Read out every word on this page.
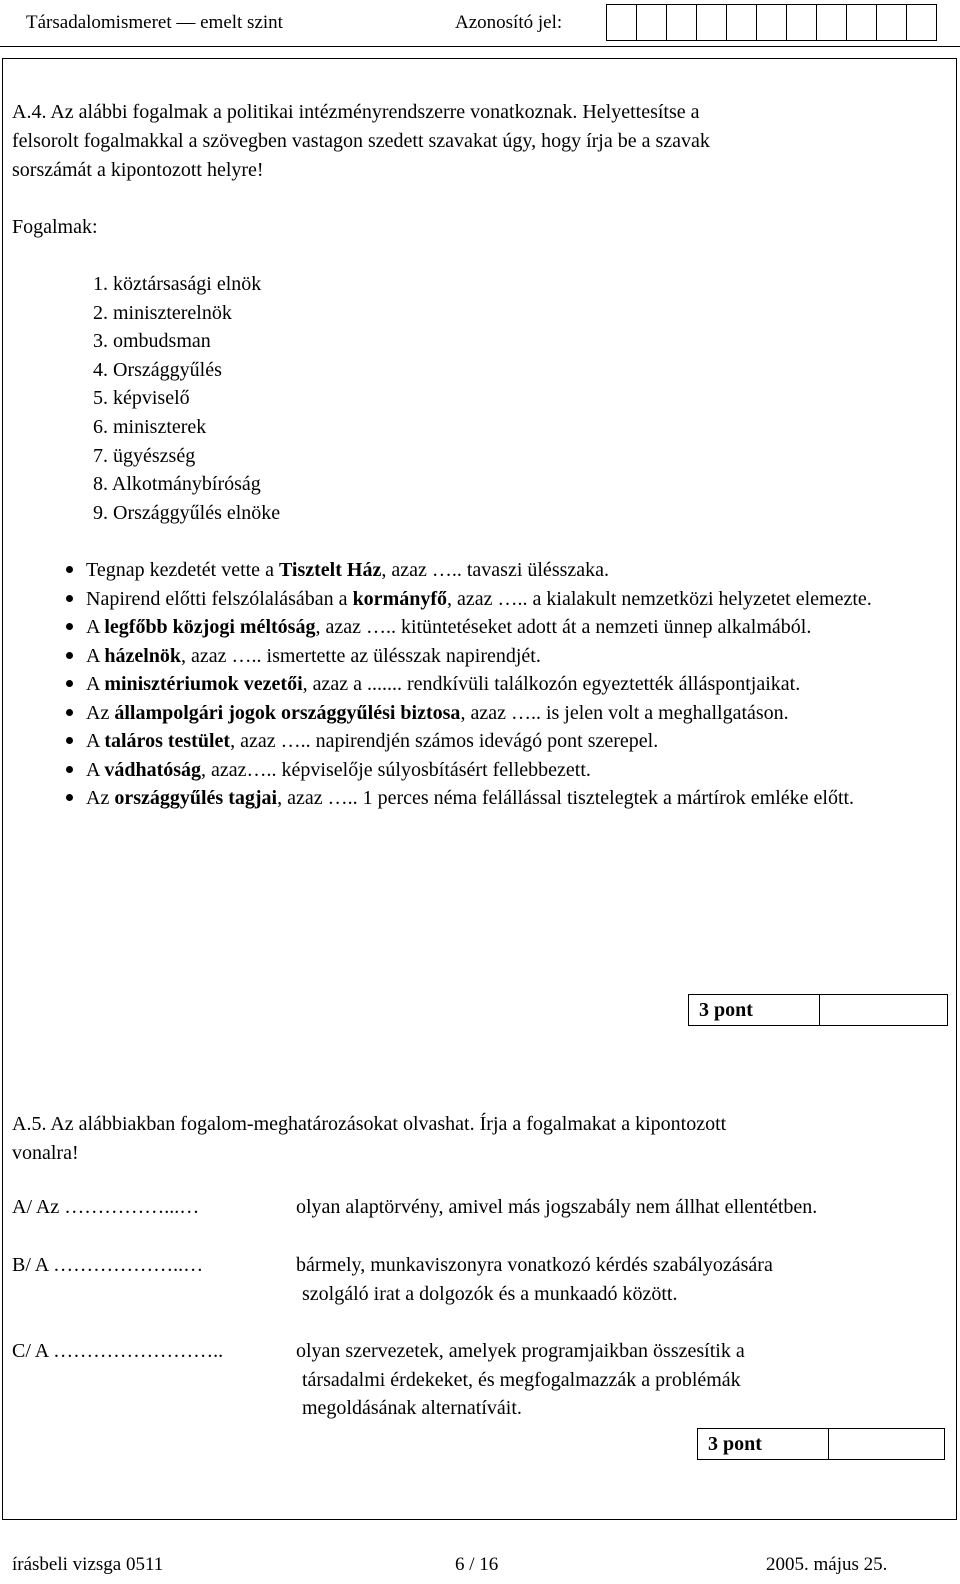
Társadalomismeret — emelt szint	Azonosító jel:
A.4. Az alábbi fogalmak a politikai intézményrendszerre vonatkoznak. Helyettesítse a
felsorolt fogalmakkal a szövegben vastagon szedett szavakat úgy, hogy írja be a szavak
sorszámát a kipontozott helyre!
Fogalmak:
1. köztársasági elnök
2. miniszterelnök
3. ombudsman
4. Országgyűlés
5. képviselő
6. miniszterek
7. ügyészség
8. Alkotmánybíróság
9. Országgyűlés elnöke
Tegnap kezdetét vette a Tisztelt Ház, azaz ….. tavaszi ülésszaka.
Napirend előtti felszólalásában a kormányfő, azaz ….. a kialakult nemzetközi helyzetet elemezte.
A legfőbb közjogi méltóság, azaz ….. kitüntetéseket adott át a nemzeti ünnep alkalmából.
A házelnök, azaz ….. ismertette az ülésszak napirendjét.
A minisztériumok vezetői, azaz a ....... rendkívüli találkozón egyeztették álláspontjaikat.
Az állampolgári jogok országgyűlési biztosa, azaz ….. is jelen volt a meghallgatáson.
A taláros testület, azaz ….. napirendjén számos idevágó pont szerepel.
A vádhatóság, azaz….. képviselője súlyosbításért fellebbezett.
Az országgyűlés tagjai, azaz ….. 1 perces néma felállással tisztelegtek a mártírok emléke előtt.
3 pont
A.5. Az alábbiakban fogalom-meghatározásokat olvashat. Írja a fogalmakat a kipontozott
vonalra!
A/ Az ……………...…	olyan alaptörvény, amivel más jogszabály nem állhat ellentétben.
B/ A ………………..…	bármely, munkaviszonyra vonatkozó kérdés szabályozására
szolgáló irat a dolgozók és a munkaadó között.
C/ A ……………………..	olyan szervezetek, amelyek programjaikban összesítik a
társadalmi érdekeket, és megfogalmazzák a problémák
megoldásának alternatíváit.
3 pont
írásbeli vizsga 0511	6 / 16	2005. május 25.
